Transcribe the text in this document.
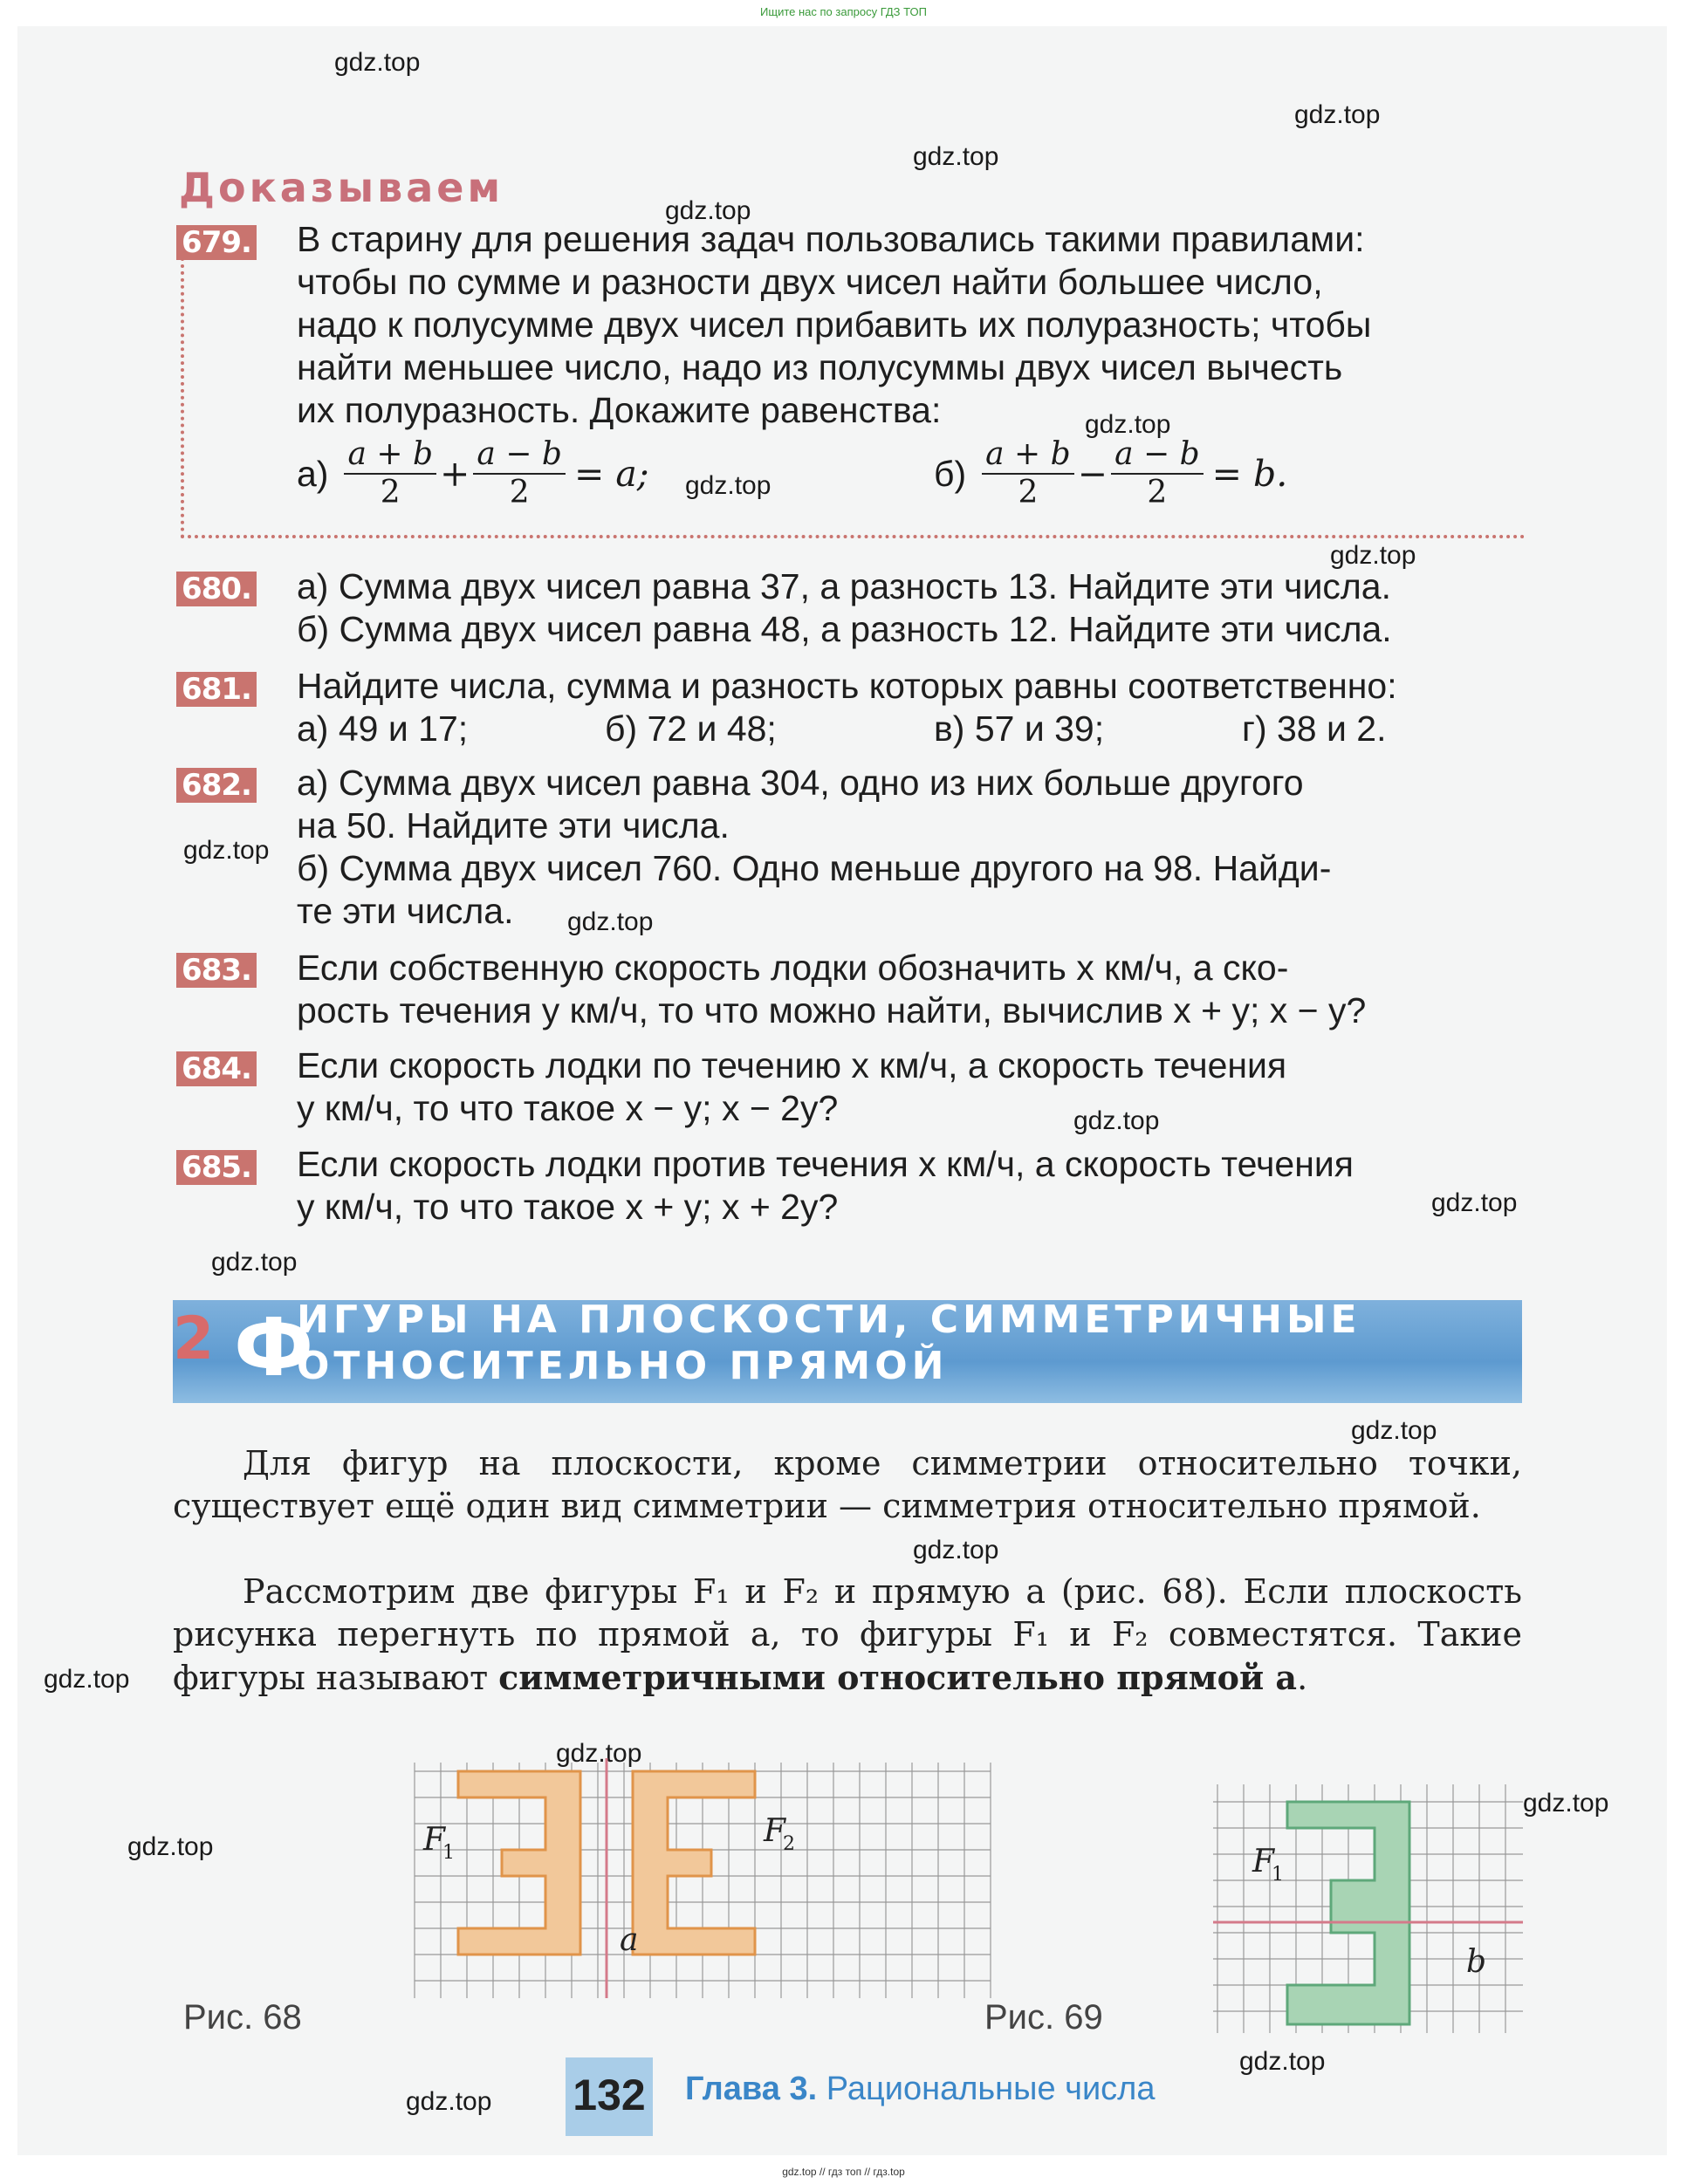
Ищите нас по запросу ГДЗ ТОП
gdz.top
gdz.top
gdz.top
gdz.top
gdz.top
gdz.top
gdz.top
gdz.top
gdz.top
gdz.top
gdz.top
gdz.top
gdz.top
gdz.top
gdz.top
gdz.top
gdz.top
gdz.top
gdz.top
gdz.top
Доказываем
679. В старину для решения задач пользовались такими правилами:
чтобы по сумме и разности двух чисел найти большее число,
надо к полусумме двух чисел прибавить их полуразность; чтобы
найти меньшее число, надо из полусуммы двух чисел вычесть
их полуразность. Докажите равенства:
$а) \frac{a + b}{2} + \frac{a - b}{2} = a$;	$б) \frac{a + b}{2} - \frac{a - b}{2} = b$.
680. а) Сумма двух чисел равна 37, а разность 13. Найдите эти числа.
б) Сумма двух чисел равна 48, а разность 12. Найдите эти числа.
681. Найдите числа, сумма и разность которых равны соответственно:
а) 49 и 17;	б) 72 и 48;	в) 57 и 39;	г) 38 и 2.
682. а) Сумма двух чисел равна 304, одно из них больше другого
на 50. Найдите эти числа.
б) Сумма двух чисел 760. Одно меньше другого на 98. Найди-
те эти числа.
683. Если собственную скорость лодки обозначить x км/ч, а ско-
рость течения y км/ч, то что можно найти, вычислив x + y; x − y?
684. Если скорость лодки по течению x км/ч, а скорость течения
y км/ч, то что такое x − y; x − 2y?
685. Если скорость лодки против течения x км/ч, а скорость течения
y км/ч, то что такое x + y; x + 2y?
2 Ф
ИГУРЫ НА ПЛОСКОСТИ, СИММЕТРИЧНЫЕ
ОТНОСИТЕЛЬНО ПРЯМОЙ
Для фигур на плоскости, кроме симметрии относительно точки, существует ещё один вид симметрии — симметрия относительно прямой.
Рассмотрим две фигуры F₁ и F₂ и прямую a (рис. 68). Если плоскость рисунка перегнуть по прямой a, то фигуры F₁ и F₂ совместятся. Такие фигуры называют симметричными относительно прямой a.
F
1
F
2
a
Рис. 68
F
1
b
Рис. 69
132 Глава 3. Рациональные числа
gdz.top // гдз топ // гдз.top
